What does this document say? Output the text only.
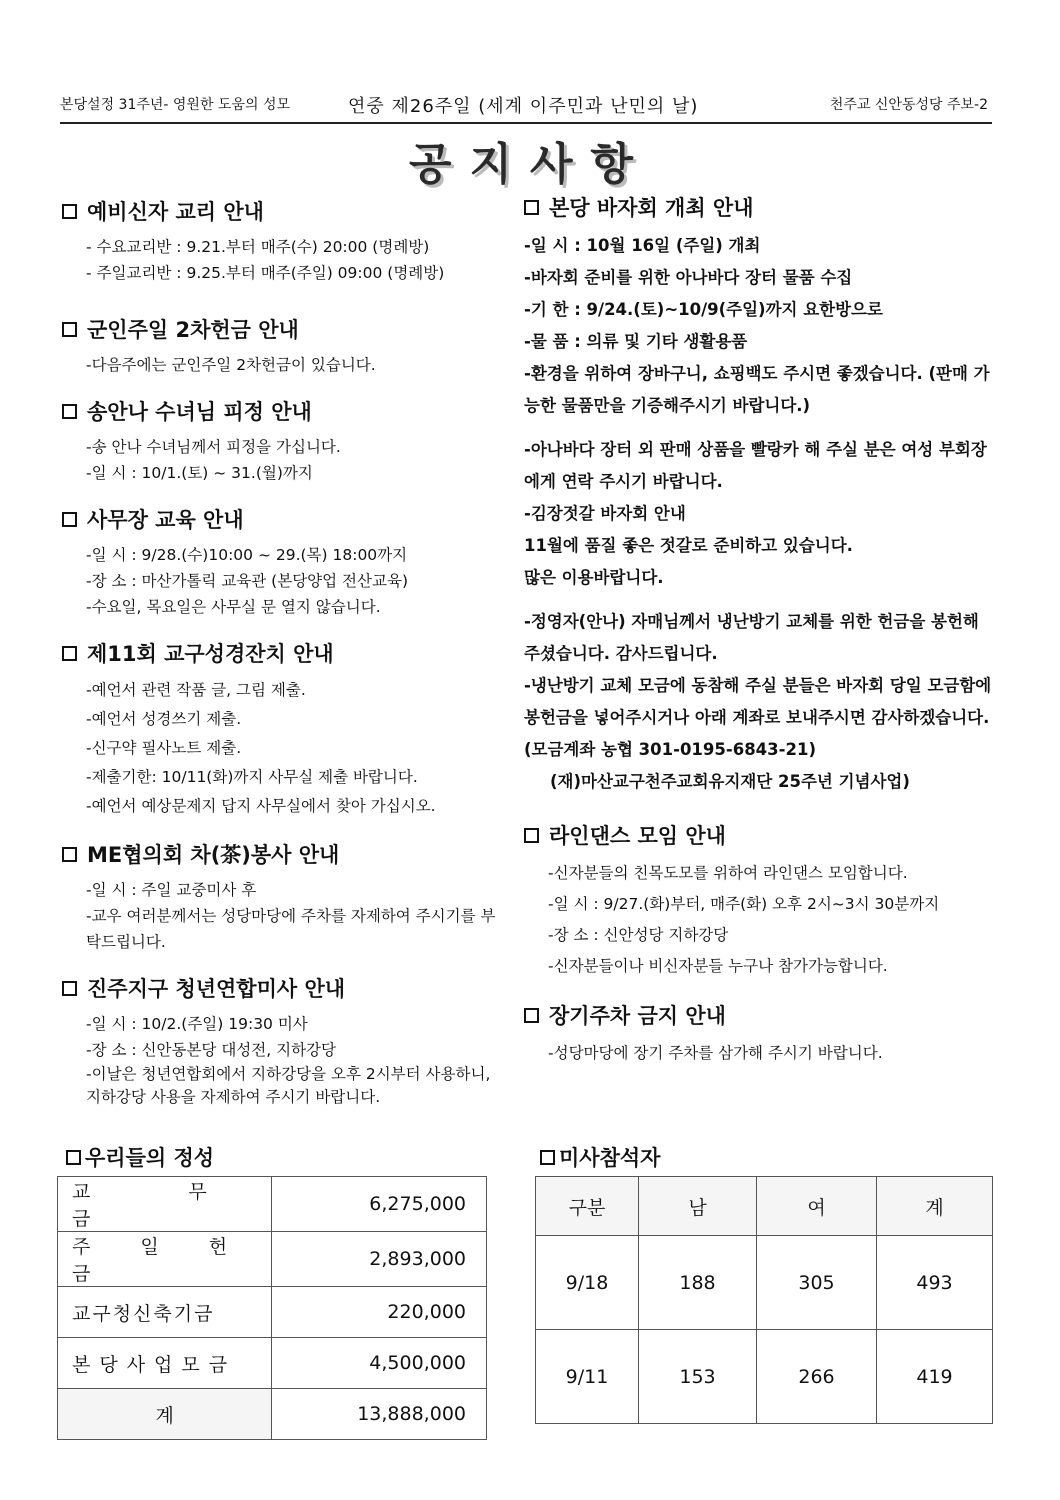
본당설정 31주년- 영원한 도움의 성모	연중 제26주일 (세계 이주민과 난민의 날)	천주교 신안동성당 주보-2
공지사항
예비신자 교리 안내
- 수요교리반 : 9.21.부터 매주(수) 20:00 (명례방)
- 주일교리반 : 9.25.부터 매주(주일) 09:00 (명례방)
군인주일 2차헌금 안내
-다음주에는 군인주일 2차헌금이 있습니다.
송안나 수녀님 피정 안내
-송 안나 수녀님께서 피정을 가십니다.
-일 시 : 10/1.(토) ~ 31.(월)까지
사무장 교육 안내
-일 시 : 9/28.(수)10:00 ~ 29.(목) 18:00까지
-장 소 : 마산가톨릭 교육관 (본당양업 전산교육)
-수요일, 목요일은 사무실 문 열지 않습니다.
제11회 교구성경잔치 안내
-예언서 관련 작품 글, 그림 제출.
-예언서 성경쓰기 제출.
-신구약 필사노트 제출.
-제출기한: 10/11(화)까지 사무실 제출 바랍니다.
-예언서 예상문제지 답지 사무실에서 찾아 가십시오.
ME협의회 차(茶)봉사 안내
-일 시 : 주일 교중미사 후
-교우 여러분께서는 성당마당에 주차를 자제하여 주시기를 부탁드립니다.
진주지구 청년연합미사 안내
-일 시 : 10/2.(주일) 19:30 미사
-장 소 : 신안동본당 대성전, 지하강당
-이날은 청년연합회에서 지하강당을 오후 2시부터 사용하니, 지하강당 사용을 자제하여 주시기 바랍니다.
본당 바자회 개최 안내
-일 시 : 10월 16일 (주일) 개최
-바자회 준비를 위한 아나바다 장터 물품 수집
-기 한 : 9/24.(토)~10/9(주일)까지 요한방으로
-물 품 : 의류 및 기타 생활용품
-환경을 위하여 장바구니, 쇼핑백도 주시면 좋겠습니다. (판매 가능한 물품만을 기증해주시기 바랍니다.)
-아나바다 장터 외 판매 상품을 빨랑카 해 주실 분은 여성 부회장에게 연락 주시기 바랍니다.
-김장젓갈 바자회 안내
11월에 품질 좋은 젓갈로 준비하고 있습니다.
많은 이용바랍니다.
-정영자(안나) 자매님께서 냉난방기 교체를 위한 헌금을 봉헌해 주셨습니다. 감사드립니다.
-냉난방기 교체 모금에 동참해 주실 분들은 바자회 당일 모금함에 봉헌금을 넣어주시거나 아래 계좌로 보내주시면 감사하겠습니다.
(모금계좌 농협 301-0195-6843-21)
(재)마산교구천주교회유지재단 25주년 기념사업)
라인댄스 모임 안내
-신자분들의 친목도모를 위하여 라인댄스 모임합니다.
-일 시 : 9/27.(화)부터, 매주(화) 오후 2시~3시 30분까지
-장 소 : 신안성당 지하강당
-신자분들이나 비신자분들 누구나 참가가능합니다.
장기주차 금지 안내
-성당마당에 장기 주차를 삼가해 주시기 바랍니다.
우리들의 정성
교 무 금	6,275,000
주 일 헌 금	2,893,000
교구청신축기금	220,000
본당사업모금	4,500,000
계	13,888,000
미사참석자
구분	남	여	계
9/18	188	305	493
9/11	153	266	419
